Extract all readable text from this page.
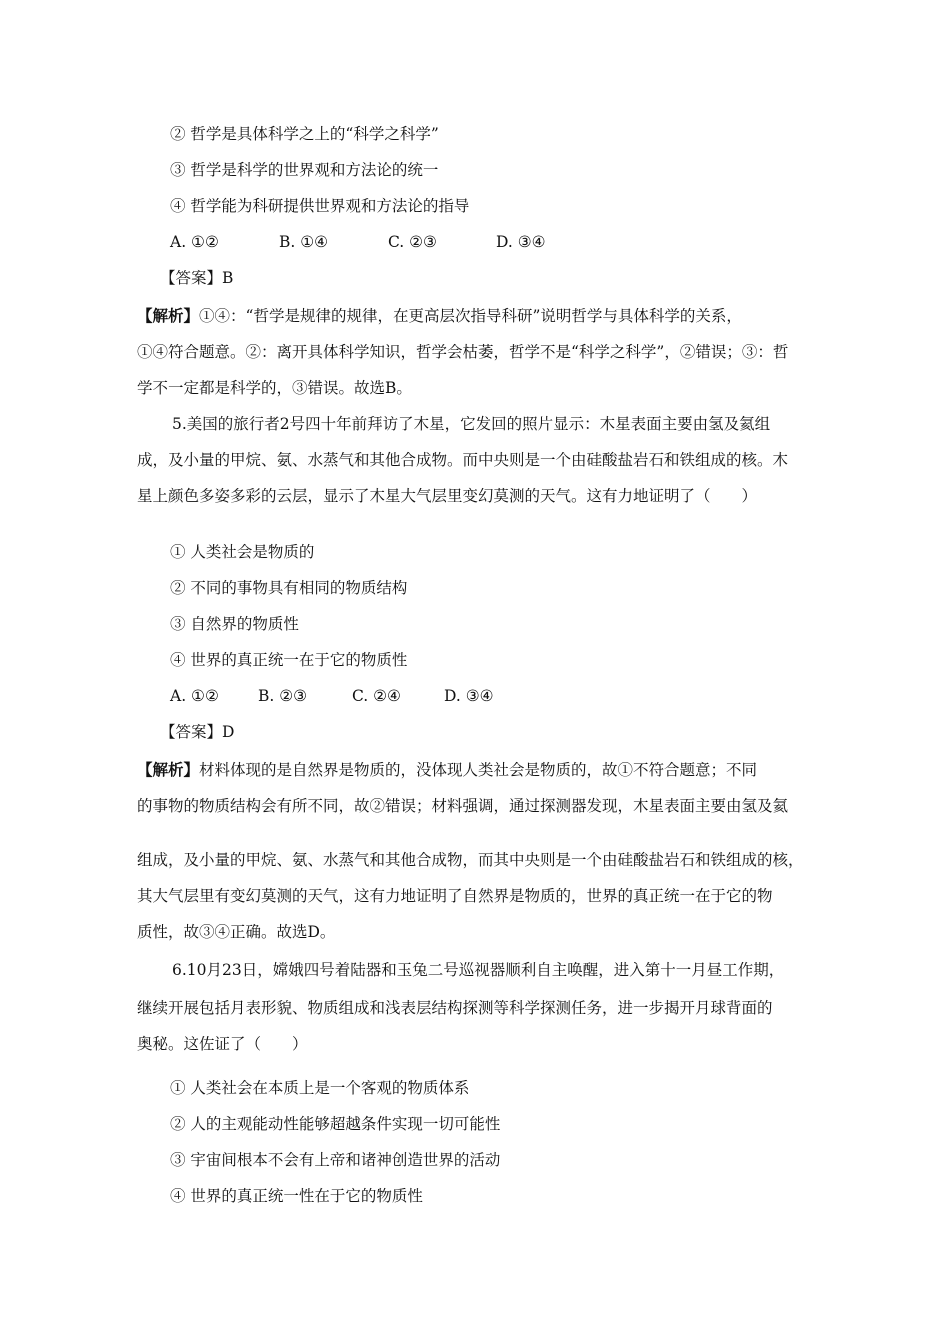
② 哲学是具体科学之上的“科学之科学”
③ 哲学是科学的世界观和方法论的统一
④ 哲学能为科研提供世界观和方法论的指导
A. ①②	B. ①④	C. ②③	D. ③④
【答案】B
【解析】①④：“哲学是规律的规律，在更高层次指导科研”说明哲学与具体科学的关系，
①④符合题意。②：离开具体科学知识，哲学会枯萎，哲学不是“科学之科学”，②错误；③：哲
学不一定都是科学的，③错误。故选B。
5.美国的旅行者2号四十年前拜访了木星，它发回的照片显示：木星表面主要由氢及氦组
成，及小量的甲烷、氨、水蒸气和其他合成物。而中央则是一个由硅酸盐岩石和铁组成的核。木
星上颜色多姿多彩的云层，显示了木星大气层里变幻莫测的天气。这有力地证明了（　　）
① 人类社会是物质的
② 不同的事物具有相同的物质结构
③ 自然界的物质性
④ 世界的真正统一在于它的物质性
A. ①②	B. ②③	C. ②④	D. ③④
【答案】D
【解析】材料体现的是自然界是物质的，没体现人类社会是物质的，故①不符合题意；不同
的事物的物质结构会有所不同，故②错误；材料强调，通过探测器发现，木星表面主要由氢及氦
组成，及小量的甲烷、氨、水蒸气和其他合成物，而其中央则是一个由硅酸盐岩石和铁组成的核，
其大气层里有变幻莫测的天气，这有力地证明了自然界是物质的，世界的真正统一在于它的物
质性，故③④正确。故选D。
6.10月23日，嫦娥四号着陆器和玉兔二号巡视器顺利自主唤醒，进入第十一月昼工作期，
继续开展包括月表形貌、物质组成和浅表层结构探测等科学探测任务，进一步揭开月球背面的
奥秘。这佐证了（　　）
① 人类社会在本质上是一个客观的物质体系
② 人的主观能动性能够超越条件实现一切可能性
③ 宇宙间根本不会有上帝和诸神创造世界的活动
④ 世界的真正统一性在于它的物质性
